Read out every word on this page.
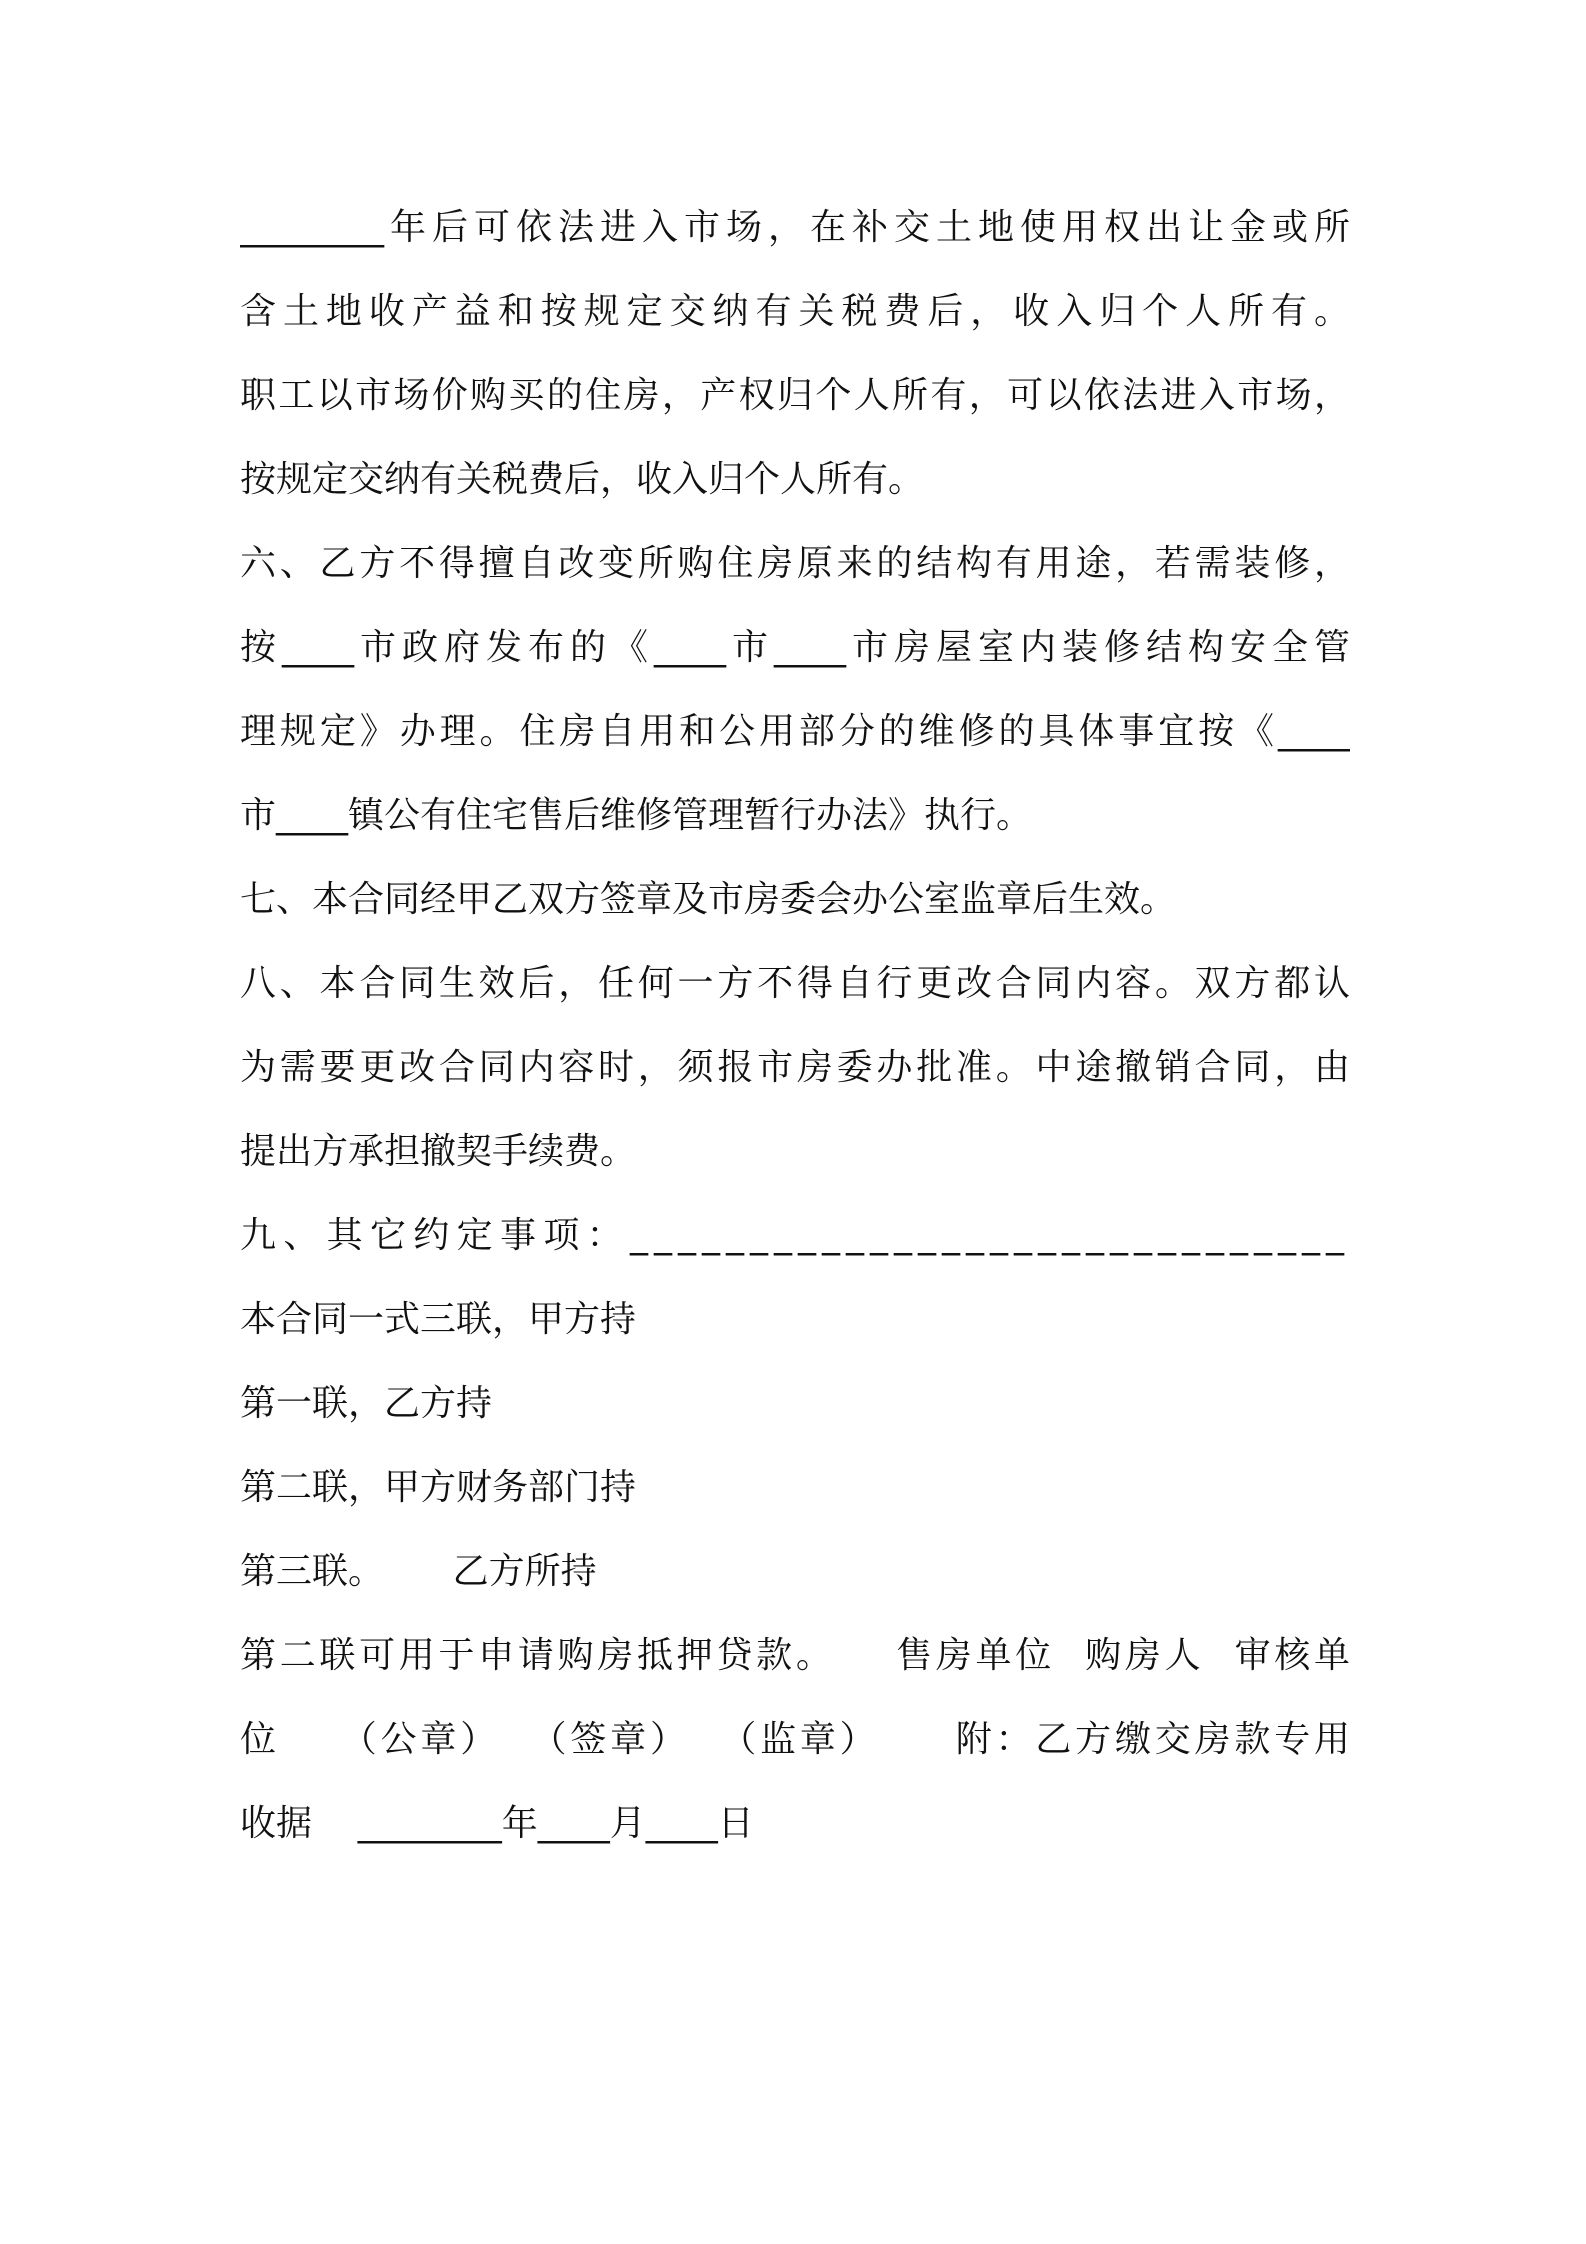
________年后可依法进入市场，在补交土地使用权出让金或所
含土地收产益和按规定交纳有关税费后，收入归个人所有。
职工以市场价购买的住房，产权归个人所有，可以依法进入市场，
按规定交纳有关税费后，收入归个人所有。
六、乙方不得擅自改变所购住房原来的结构有用途，若需装修，
按____市政府发布的《____市____市房屋室内装修结构安全管
理规定》办理。住房自用和公用部分的维修的具体事宜按《____
市____镇公有住宅售后维修管理暂行办法》执行。
七、本合同经甲乙双方签章及市房委会办公室监章后生效。
八、本合同生效后，任何一方不得自行更改合同内容。双方都认
为需要更改合同内容时，须报市房委办批准。中途撤销合同，由
提出方承担撤契手续费。
九、其它约定事项：______________________________
本合同一式三联，甲方持
第一联，乙方持
第二联，甲方财务部门持
第三联。      乙方所持
第二联可用于申请购房抵押贷款。    售房单位  购房人  审核单
位    （公章）  （签章）  （监章）     附：乙方缴交房款专用
收据    ________年____月____日
